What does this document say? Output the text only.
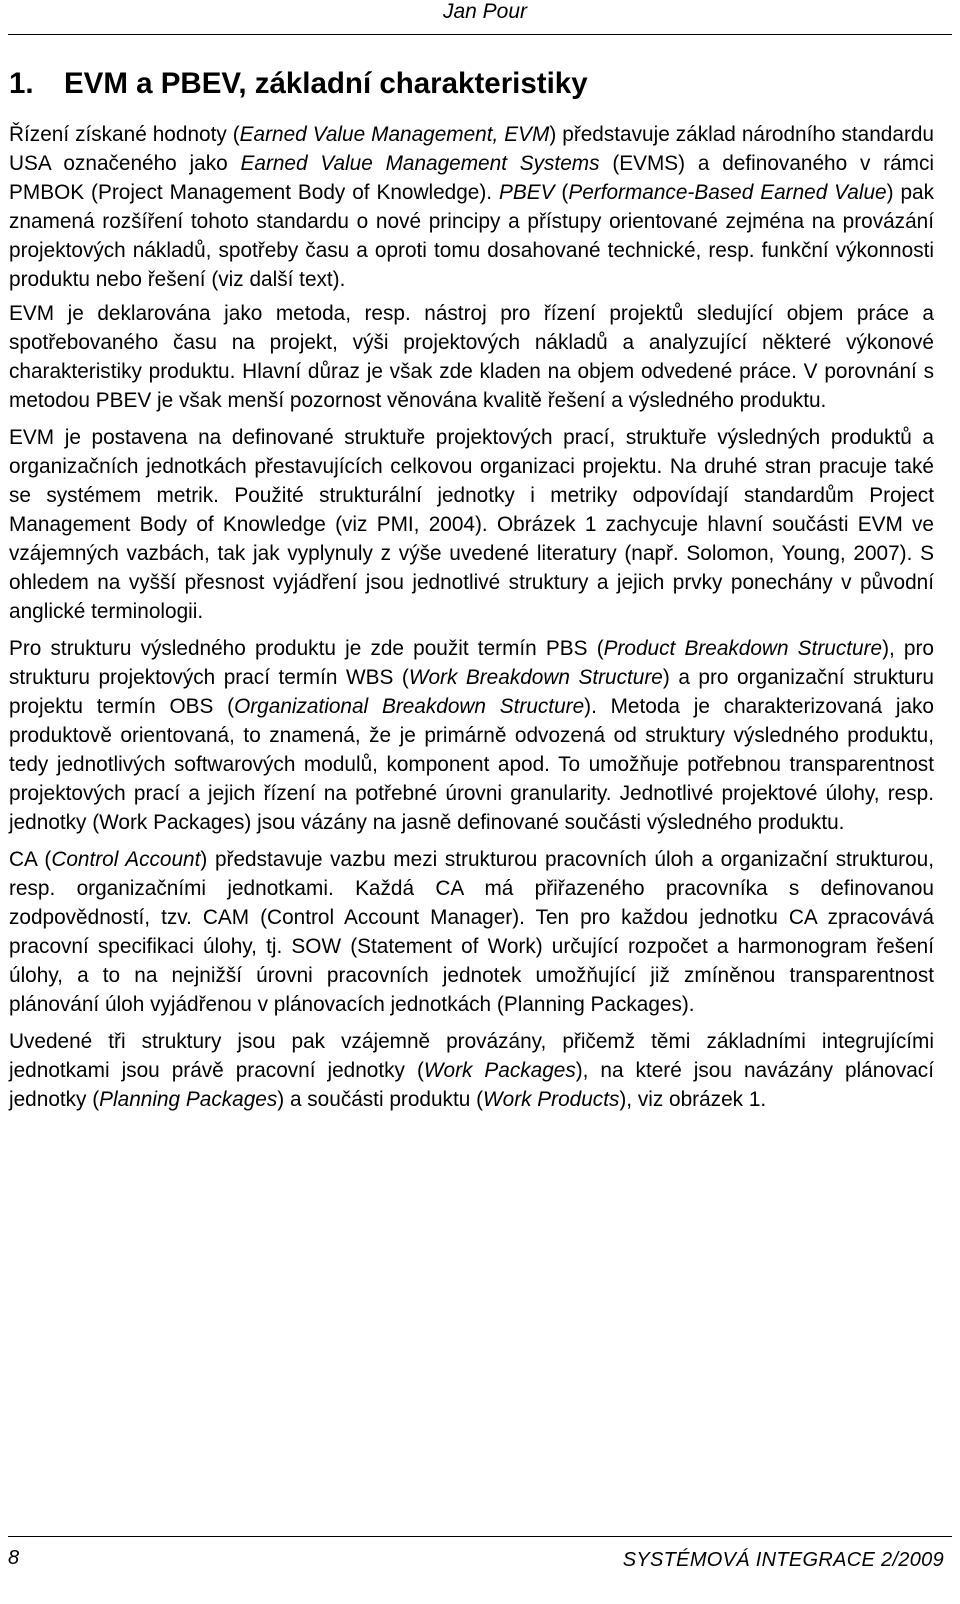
Jan Pour
1. EVM a PBEV, základní charakteristiky

Řízení získané hodnoty (Earned Value Management, EVM) představuje základ národního standardu USA označeného jako Earned Value Management Systems (EVMS) a definovaného v rámci PMBOK (Project Management Body of Knowledge). PBEV (Performance-Based Earned Value) pak znamená rozšíření tohoto standardu o nové principy a přístupy orientované zejména na provázání projektových nákladů, spotřeby času a oproti tomu dosahované technické, resp. funkční výkonnosti produktu nebo řešení (viz další text).

EVM je deklarována jako metoda, resp. nástroj pro řízení projektů sledující objem práce a spotřebovaného času na projekt, výši projektových nákladů a analyzující některé výkonové charakteristiky produktu. Hlavní důraz je však zde kladen na objem odvedené práce. V porovnání s metodou PBEV je však menší pozornost věnována kvalitě řešení a výsledného produktu.

EVM je postavena na definované struktuře projektových prací, struktuře výsledných produktů a organizačních jednotkách přestavujících celkovou organizaci projektu. Na druhé stran pracuje také se systémem metrik. Použité strukturální jednotky i metriky odpovídají standardům Project Management Body of Knowledge (viz PMI, 2004). Obrázek 1 zachycuje hlavní součásti EVM ve vzájemných vazbách, tak jak vyplynuly z výše uvedené literatury (např. Solomon, Young, 2007). S ohledem na vyšší přesnost vyjádření jsou jednotlivé struktury a jejich prvky ponechány v původní anglické terminologii.

Pro strukturu výsledného produktu je zde použit termín PBS (Product Breakdown Structure), pro strukturu projektových prací termín WBS (Work Breakdown Structure) a pro organizační strukturu projektu termín OBS (Organizational Breakdown Structure). Metoda je charakterizovaná jako produktově orientovaná, to znamená, že je primárně odvozená od struktury výsledného produktu, tedy jednotlivých softwarových modulů, komponent apod. To umožňuje potřebnou transparentnost projektových prací a jejich řízení na potřebné úrovni granularity. Jednotlivé projektové úlohy, resp. jednotky (Work Packages) jsou vázány na jasně definované součásti výsledného produktu.

CA (Control Account) představuje vazbu mezi strukturou pracovních úloh a organizační strukturou, resp. organizačními jednotkami. Každá CA má přiřazeného pracovníka s definovanou zodpovědností, tzv. CAM (Control Account Manager). Ten pro každou jednotku CA zpracovává pracovní specifikaci úlohy, tj. SOW (Statement of Work) určující rozpočet a harmonogram řešení úlohy, a to na nejnižší úrovni pracovních jednotek umožňující již zmíněnou transparentnost plánování úloh vyjádřenou v plánovacích jednotkách (Planning Packages).

Uvedené tři struktury jsou pak vzájemně provázány, přičemž těmi základními integrujícími jednotkami jsou právě pracovní jednotky (Work Packages), na které jsou navázány plánovací jednotky (Planning Packages) a součásti produktu (Work Products), viz obrázek 1.

8	SYSTÉMOVÁ INTEGRACE 2/2009
